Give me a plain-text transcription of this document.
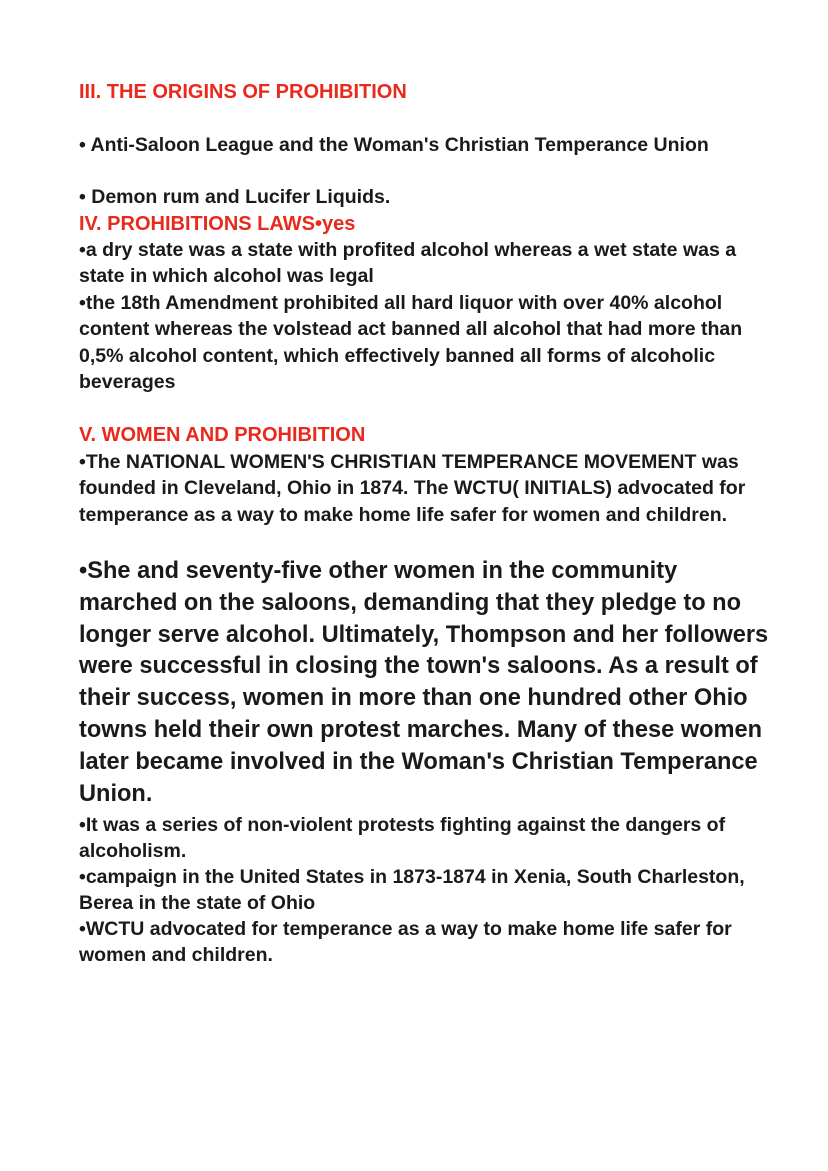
III. THE ORIGINS OF PROHIBITION
• Anti-Saloon League and the Woman's Christian Temperance Union
• Demon rum and Lucifer Liquids.
IV. PROHIBITIONS LAWS•yes
•a dry state was a state with profited alcohol whereas a wet state was a state in which alcohol was legal
•the 18th Amendment prohibited all hard liquor with over 40% alcohol content whereas the volstead act banned all alcohol that had more than 0,5% alcohol content, which effectively banned all forms of alcoholic beverages
V. WOMEN AND PROHIBITION
•The NATIONAL WOMEN'S CHRISTIAN TEMPERANCE MOVEMENT was founded in Cleveland, Ohio in 1874. The WCTU( INITIALS) advocated for temperance as a way to make home life safer for women and children.
•She and seventy-five other women in the community marched on the saloons, demanding that they pledge to no longer serve alcohol. Ultimately, Thompson and her followers were successful in closing the town's saloons. As a result of their success, women in more than one hundred other Ohio towns held their own protest marches. Many of these women later became involved in the Woman's Christian Temperance Union.
•It was a series of non-violent protests fighting against the dangers of alcoholism.
•campaign in the United States in 1873-1874 in Xenia, South Charleston, Berea in the state of Ohio
•WCTU advocated for temperance as a way to make home life safer for women and children.
